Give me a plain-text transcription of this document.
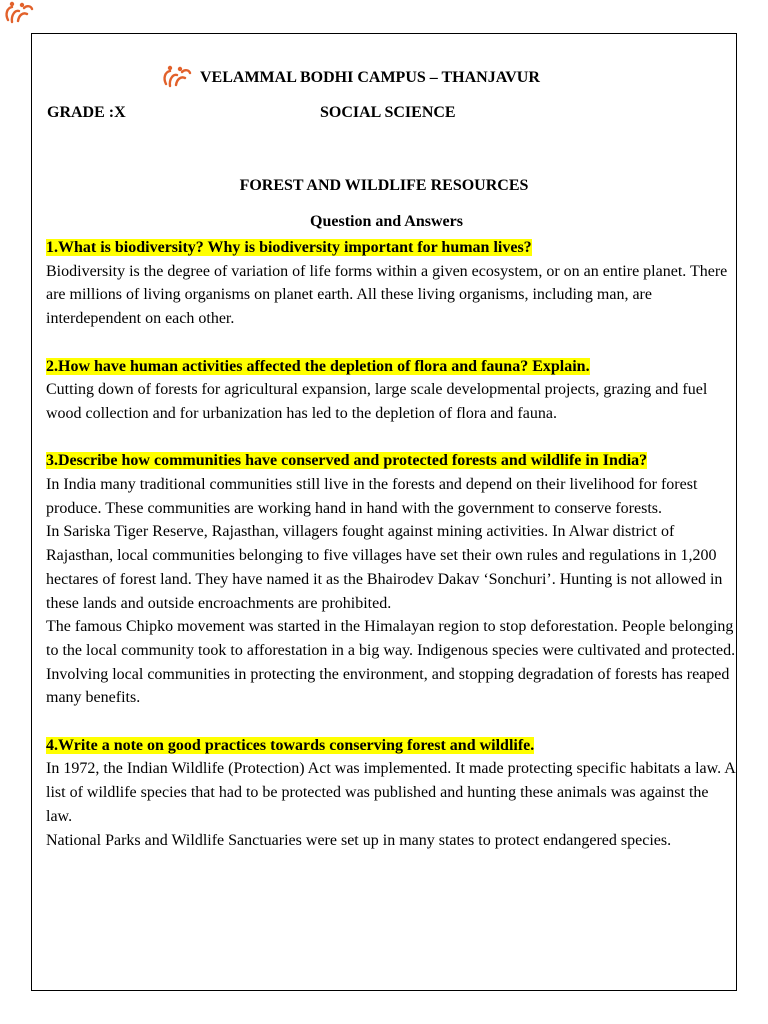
VELAMMAL BODHI CAMPUS – THANJAVUR
GRADE :X	SOCIAL SCIENCE
FOREST AND WILDLIFE RESOURCES
Question and Answers

1.What is biodiversity? Why is biodiversity important for human lives?

Biodiversity is the degree of variation of life forms within a given ecosystem, or on an entire planet. There are millions of living organisms on planet earth. All these living organisms, including man, are interdependent on each other.

2.How have human activities affected the depletion of flora and fauna? Explain.

Cutting down of forests for agricultural expansion, large scale developmental projects, grazing and fuel wood collection and for urbanization has led to the depletion of flora and fauna.

3.Describe how communities have conserved and protected forests and wildlife in India?

In India many traditional communities still live in the forests and depend on their livelihood for forest produce. These communities are working hand in hand with the government to conserve forests.

In Sariska Tiger Reserve, Rajasthan, villagers fought against mining activities. In Alwar district of Rajasthan, local communities belonging to five villages have set their own rules and regulations in 1,200 hectares of forest land. They have named it as the Bhairodev Dakav ‘Sonchuri’. Hunting is not allowed in these lands and outside encroachments are prohibited.

The famous Chipko movement was started in the Himalayan region to stop deforestation. People belonging to the local community took to afforestation in a big way. Indigenous species were cultivated and protected.

Involving local communities in protecting the environment, and stopping degradation of forests has reaped many benefits.

4.Write a note on good practices towards conserving forest and wildlife.

In 1972, the Indian Wildlife (Protection) Act was implemented. It made protecting specific habitats a law. A list of wildlife species that had to be protected was published and hunting these animals was against the law.

National Parks and Wildlife Sanctuaries were set up in many states to protect endangered species.
